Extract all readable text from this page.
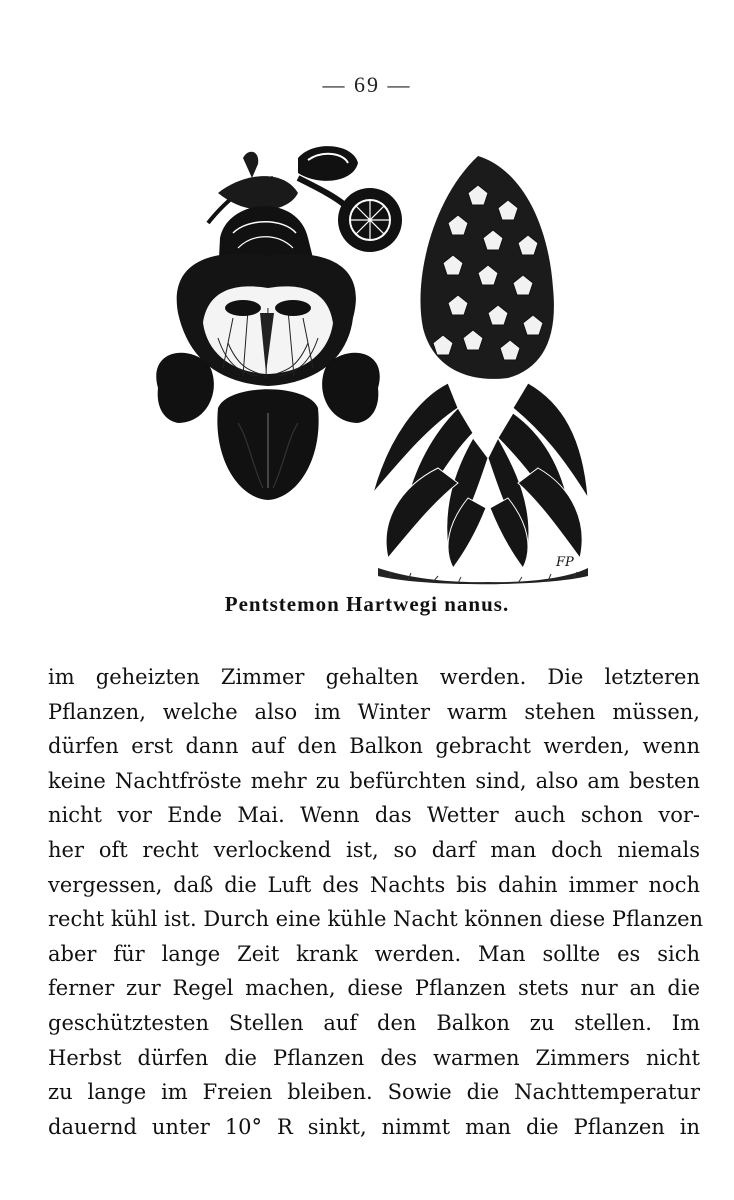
— 69 —
FP
Pentstemon Hartwegi nanus.
im geheizten Zimmer gehalten werden. Die letzteren
Pflanzen, welche also im Winter warm stehen müssen,
dürfen erst dann auf den Balkon gebracht werden, wenn
keine Nachtfröste mehr zu befürchten sind, also am besten
nicht vor Ende Mai. Wenn das Wetter auch schon vor-
her oft recht verlockend ist, so darf man doch niemals
vergessen, daß die Luft des Nachts bis dahin immer noch
recht kühl ist. Durch eine kühle Nacht können diese Pflanzen
aber für lange Zeit krank werden. Man sollte es sich
ferner zur Regel machen, diese Pflanzen stets nur an die
geschütztesten Stellen auf den Balkon zu stellen. Im
Herbst dürfen die Pflanzen des warmen Zimmers nicht
zu lange im Freien bleiben. Sowie die Nachttemperatur
dauernd unter 10° R sinkt, nimmt man die Pflanzen in
